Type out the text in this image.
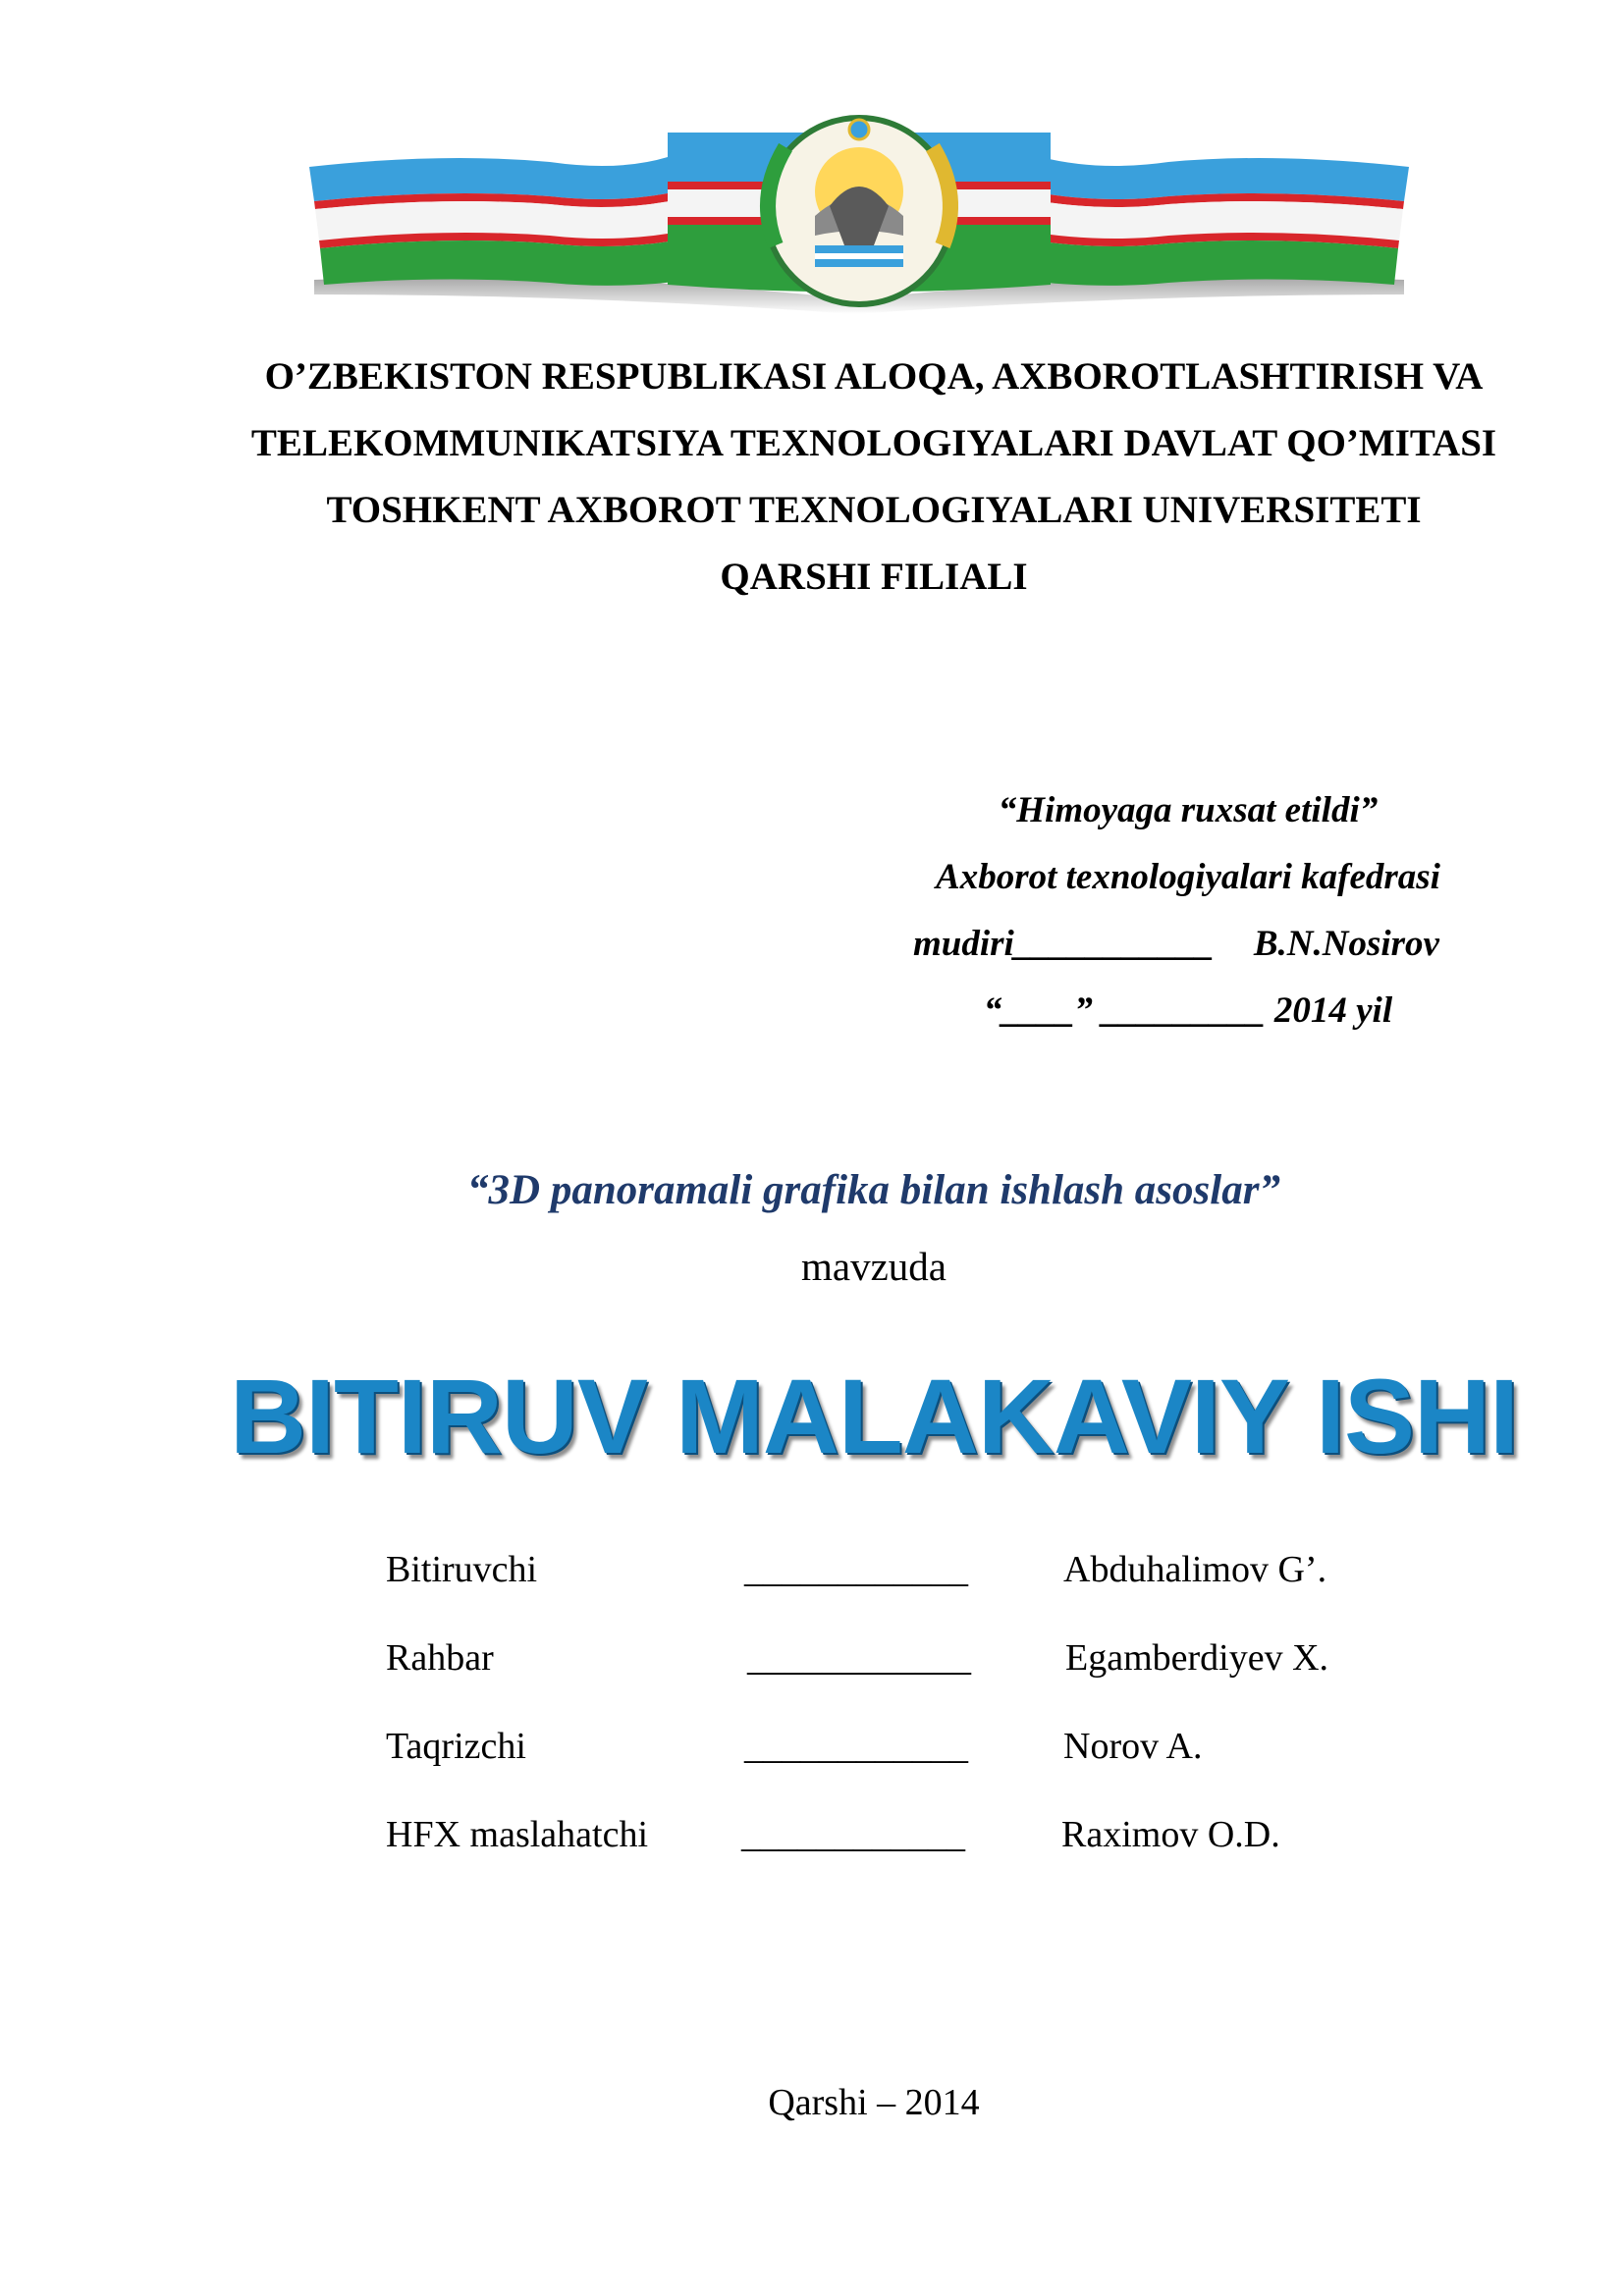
O’ZBEKISTON RESPUBLIKASI ALOQA, AXBOROTLASHTIRISH VA
TELEKOMMUNIKATSIYA TEXNOLOGIYALARI DAVLAT QO’MITASI
TOSHKENT AXBOROT TEXNOLOGIYALARI UNIVERSITETI
QARSHI FILIALI
“Himoyaga ruxsat etildi”
Axborot texnologiyalari kafedrasi
mudiri___________ B.N.Nosirov
“____” _________ 2014 yil
“3D panoramali grafika bilan ishlash asoslar”
mavzuda
BITIRUV MALAKAVIY ISHI
Bitiruvchi	____________	Abduhalimov G’.
Rahbar	____________	Egamberdiyev X.
Taqrizchi	____________	Norov A.
HFX maslahatchi ____________	Raximov O.D.
Qarshi – 2014
